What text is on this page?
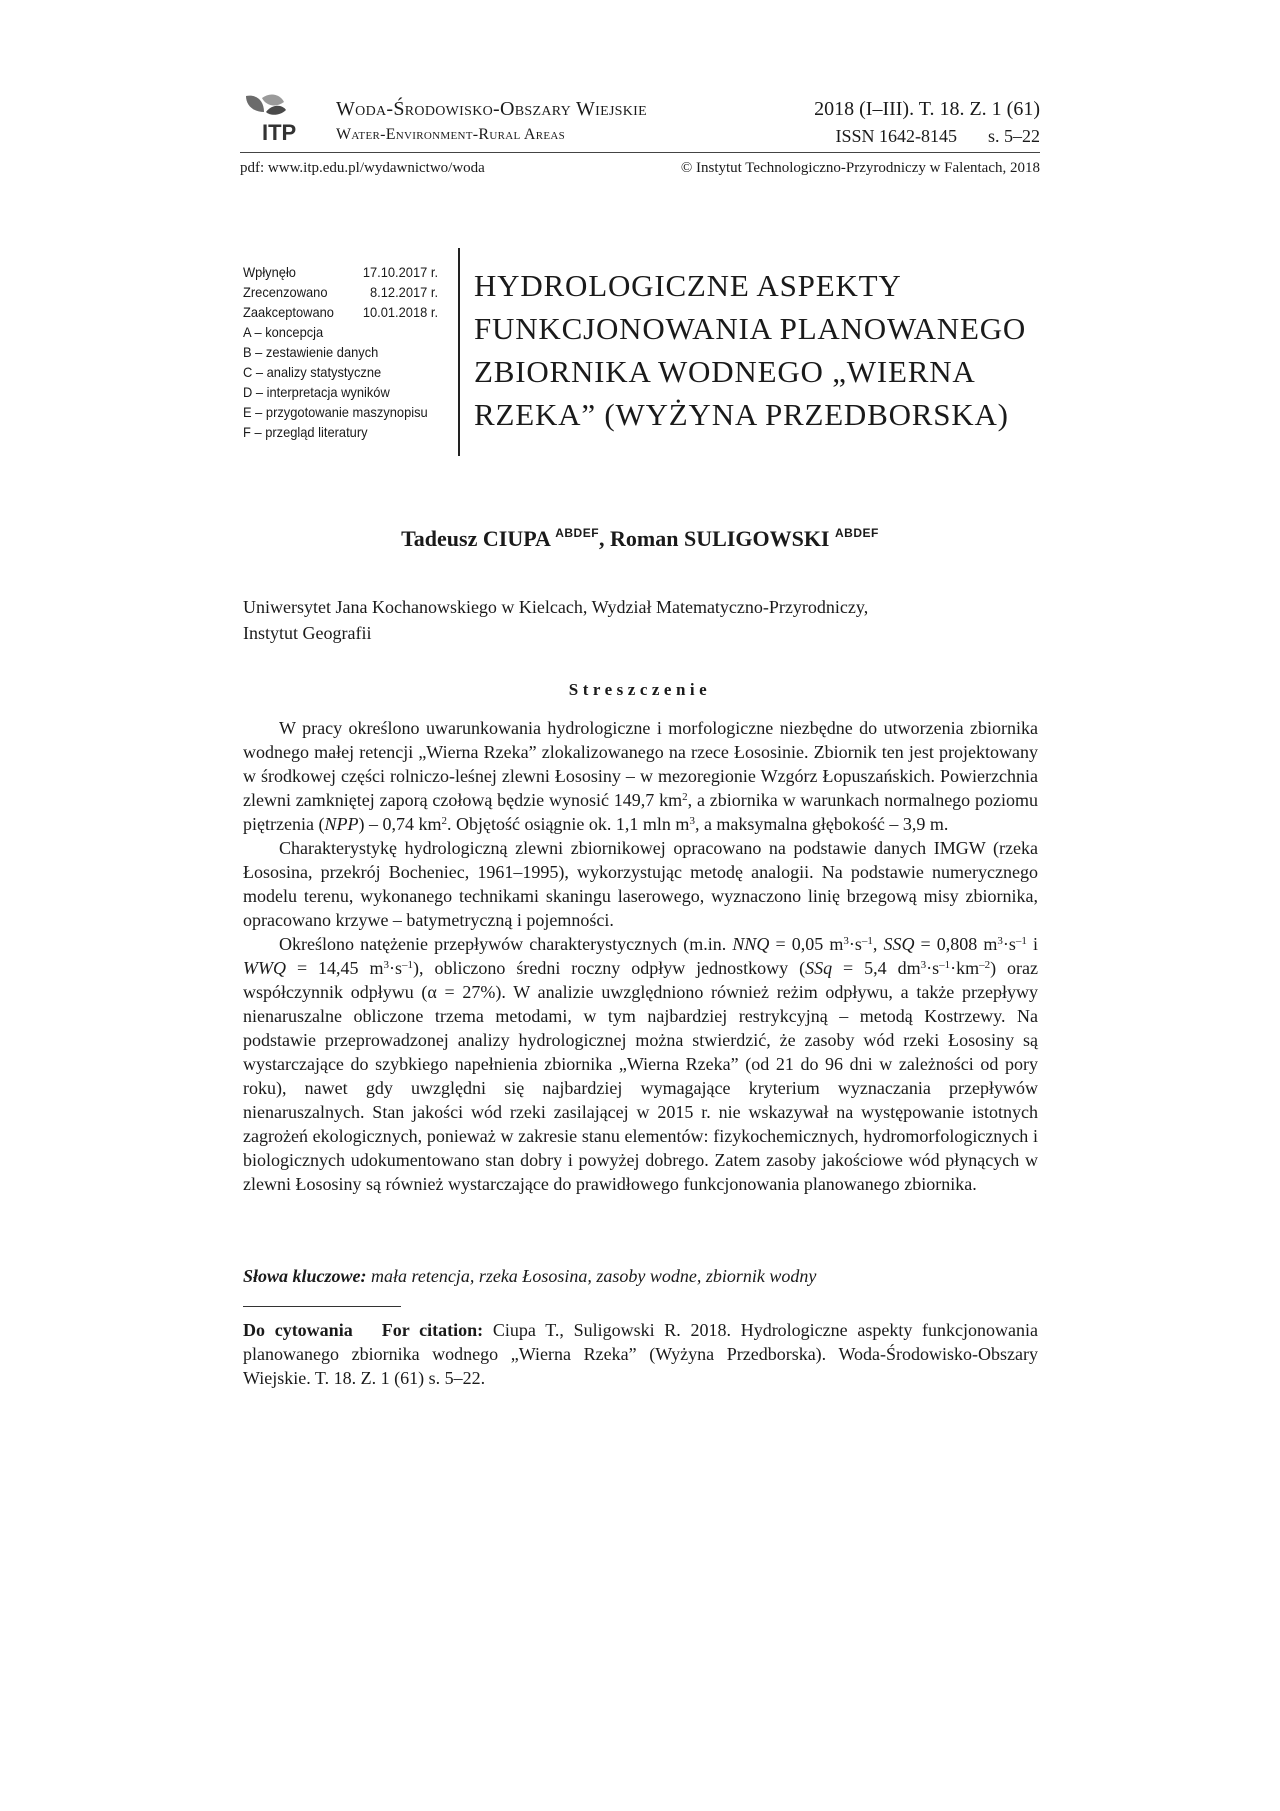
ITP
Woda-Środowisko-Obszary Wiejskie
Water-Environment-Rural Areas
2018 (I–III). T. 18. Z. 1 (61)
ISSN 1642-8145 s. 5–22
pdf: www.itp.edu.pl/wydawnictwo/woda	© Instytut Technologiczno-Przyrodniczy w Falentach, 2018
Wpłynęło	17.10.2017 r.
Zrecenzowano	8.12.2017 r.
Zaakceptowano 10.01.2018 r.
A – koncepcja
B – zestawienie danych
C – analizy statystyczne
D – interpretacja wyników
E – przygotowanie maszynopisu
F – przegląd literatury
HYDROLOGICZNE ASPEKTY
FUNKCJONOWANIA PLANOWANEGO
ZBIORNIKA WODNEGO „WIERNA
RZEKA” (WYŻYNA PRZEDBORSKA)
Tadeusz CIUPA $^{ABDEF}$, Roman SULIGOWSKI $^{ABDEF}$
Uniwersytet Jana Kochanowskiego w Kielcach, Wydział Matematyczno-Przyrodniczy,
Instytut Geografii
Streszczenie

W pracy określono uwarunkowania hydrologiczne i morfologiczne niezbędne do utworzenia zbiornika wodnego małej retencji „Wierna Rzeka” zlokalizowanego na rzece Łososinie. Zbiornik ten jest projektowany w środkowej części rolniczo-leśnej zlewni Łososiny – w mezoregionie Wzgórz Łopuszańskich. Powierzchnia zlewni zamkniętej zaporą czołową będzie wynosić 149,7 $km^2$, a zbiornika w warunkach normalnego poziomu piętrzenia (NPP) – 0,74 $km^2$. Objętość osiągnie ok. 1,1 mln $m^3$, a maksymalna głębokość – 3,9 m.

Charakterystykę hydrologiczną zlewni zbiornikowej opracowano na podstawie danych IMGW (rzeka Łososina, przekrój Bocheniec, 1961–1995), wykorzystując metodę analogii. Na podstawie numerycznego modelu terenu, wykonanego technikami skaningu laserowego, wyznaczono linię brzegową misy zbiornika, opracowano krzywe – batymetryczną i pojemności.

Określono natężenie przepływów charakterystycznych (m.in. NNQ = 0,05 $m^3\cdot s^{-1}$, SSQ = 0,808 $m^3\cdot s^{-1}$ i WWQ = 14,45 $m^3\cdot s^{-1}$), obliczono średni roczny odpływ jednostkowy (SSq = 5,4 $dm^3\cdot s^{-1}\cdot km^{-2}$) oraz współczynnik odpływu (α = 27%). W analizie uwzględniono również reżim odpływu, a także przepływy nienaruszalne obliczone trzema metodami, w tym najbardziej restrykcyjną – metodą Kostrzewy. Na podstawie przeprowadzonej analizy hydrologicznej można stwierdzić, że zasoby wód rzeki Łososiny są wystarczające do szybkiego napełnienia zbiornika „Wierna Rzeka” (od 21 do 96 dni w zależności od pory roku), nawet gdy uwzględni się najbardziej wymagające kryterium wyznaczania przepływów nienaruszalnych. Stan jakości wód rzeki zasilającej w 2015 r. nie wskazywał na występowanie istotnych zagrożeń ekologicznych, ponieważ w zakresie stanu elementów: fizykochemicznych, hydromorfologicznych i biologicznych udokumentowano stan dobry i powyżej dobrego. Zatem zasoby jakościowe wód płynących w zlewni Łososiny są również wystarczające do prawidłowego funkcjonowania planowanego zbiornika.

Słowa kluczowe: mała retencja, rzeka Łososina, zasoby wodne, zbiornik wodny
Do cytowania   For citation: Ciupa T., Suligowski R. 2018. Hydrologiczne aspekty funkcjonowania planowanego zbiornika wodnego „Wierna Rzeka” (Wyżyna Przedborska). Woda-Środowisko-Obszary Wiejskie. T. 18. Z. 1 (61) s. 5–22.
